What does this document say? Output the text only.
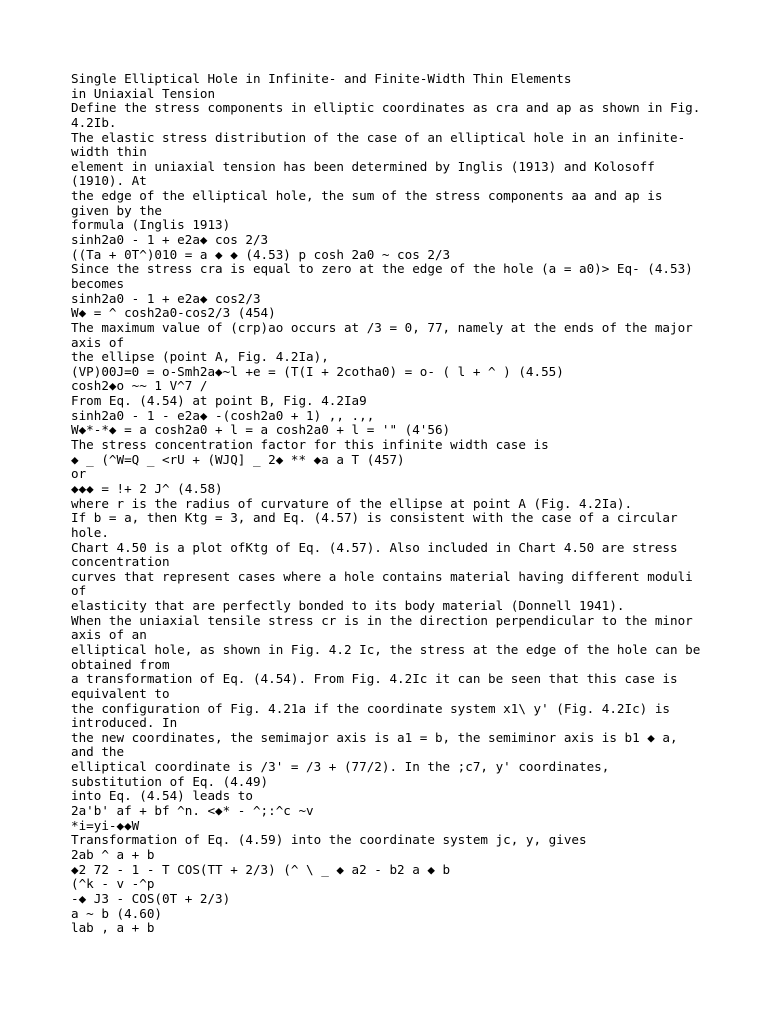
Single Elliptical Hole in Infinite- and Finite-Width Thin Elements
in Uniaxial Tension
Define the stress components in elliptic coordinates as cra and ap as shown in Fig.
4.2Ib.
The elastic stress distribution of the case of an elliptical hole in an infinite-
width thin
element in uniaxial tension has been determined by Inglis (1913) and Kolosoff
(1910). At
the edge of the elliptical hole, the sum of the stress components aa and ap is
given by the
formula (Inglis 1913)
sinh2a0 - 1 + e2a◆ cos 2/3
((Ta + 0T^)010 = a ◆ ◆ (4.53) p cosh 2a0 ~ cos 2/3
Since the stress cra is equal to zero at the edge of the hole (a = a0)> Eq- (4.53)
becomes
sinh2a0 - 1 + e2a◆ cos2/3
W◆ = ^ cosh2a0-cos2/3 (454)
The maximum value of (crp)ao occurs at /3 = 0, 77, namely at the ends of the major
axis of
the ellipse (point A, Fig. 4.2Ia),
(VP)00J=0 = o-Smh2a◆~l +e = (T(I + 2cotha0) = o- ( l + ^ ) (4.55)
cosh2◆o ~~ 1 V^7 /
From Eq. (4.54) at point B, Fig. 4.2Ia9
sinh2a0 - 1 - e2a◆ -(cosh2a0 + 1) ,, .,,
W◆*-*◆ = a cosh2a0 + l = a cosh2a0 + l = '" (4'56)
The stress concentration factor for this infinite width case is
◆ _ (^W=Q _ <rU + (WJQ] _ 2◆ ** ◆a a T (457)
or
◆◆◆ = !+ 2 J^ (4.58)
where r is the radius of curvature of the ellipse at point A (Fig. 4.2Ia).
If b = a, then Ktg = 3, and Eq. (4.57) is consistent with the case of a circular
hole.
Chart 4.50 is a plot ofKtg of Eq. (4.57). Also included in Chart 4.50 are stress
concentration
curves that represent cases where a hole contains material having different moduli
of
elasticity that are perfectly bonded to its body material (Donnell 1941).
When the uniaxial tensile stress cr is in the direction perpendicular to the minor
axis of an
elliptical hole, as shown in Fig. 4.2 Ic, the stress at the edge of the hole can be
obtained from
a transformation of Eq. (4.54). From Fig. 4.2Ic it can be seen that this case is
equivalent to
the configuration of Fig. 4.21a if the coordinate system x1\ y' (Fig. 4.2Ic) is
introduced. In
the new coordinates, the semimajor axis is a1 = b, the semiminor axis is b1 ◆ a,
and the
elliptical coordinate is /3' = /3 + (77/2). In the ;c7, y' coordinates,
substitution of Eq. (4.49)
into Eq. (4.54) leads to
2a'b' af + bf ^n. <◆* - ^;:^c ~v
*i=yi-◆◆W
Transformation of Eq. (4.59) into the coordinate system jc, y, gives
2ab ^ a + b
◆2 72 - 1 - T COS(TT + 2/3) (^ \ _ ◆ a2 - b2 a ◆ b
(^k - v -^p
-◆ J3 - COS(0T + 2/3)
a ~ b (4.60)
lab , a + b
